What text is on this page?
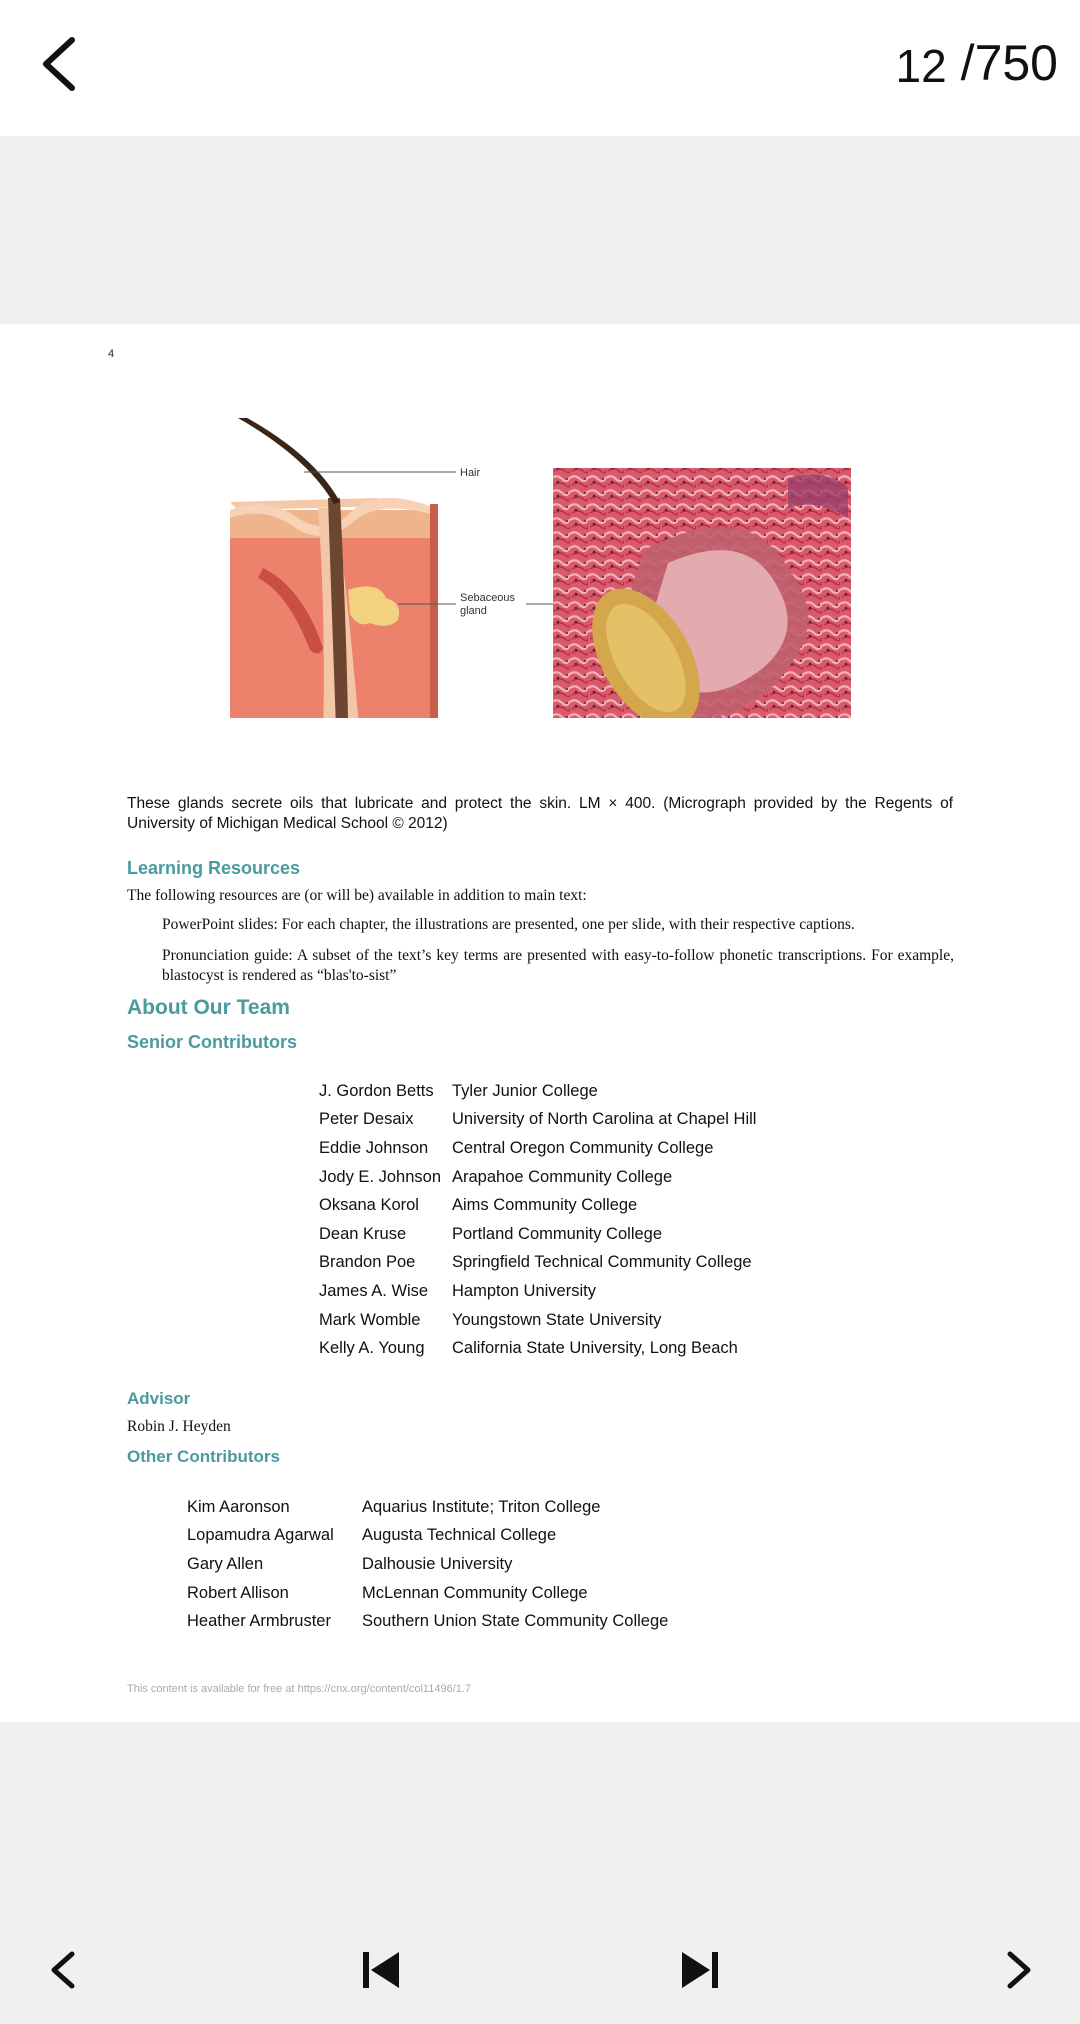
12 /750
4
Hair
Sebaceous
gland
These glands secrete oils that lubricate and protect the skin. LM × 400. (Micrograph provided by the Regents of University of Michigan Medical School © 2012)
Learning Resources
The following resources are (or will be) available in addition to main text:
PowerPoint slides: For each chapter, the illustrations are presented, one per slide, with their respective captions.
Pronunciation guide: A subset of the text’s key terms are presented with easy-to-follow phonetic transcriptions. For example, blastocyst is rendered as “blas'to-sist”
About Our Team
Senior Contributors
J. Gordon Betts	Tyler Junior College
Peter Desaix	University of North Carolina at Chapel Hill
Eddie Johnson	Central Oregon Community College
Jody E. Johnson	Arapahoe Community College
Oksana Korol	Aims Community College
Dean Kruse	Portland Community College
Brandon Poe	Springfield Technical Community College
James A. Wise	Hampton University
Mark Womble	Youngstown State University
Kelly A. Young	California State University, Long Beach
Advisor
Robin J. Heyden
Other Contributors
Kim Aaronson	Aquarius Institute; Triton College
Lopamudra Agarwal	Augusta Technical College
Gary Allen	Dalhousie University
Robert Allison	McLennan Community College
Heather Armbruster	Southern Union State Community College
This content is available for free at https://cnx.org/content/col11496/1.7
